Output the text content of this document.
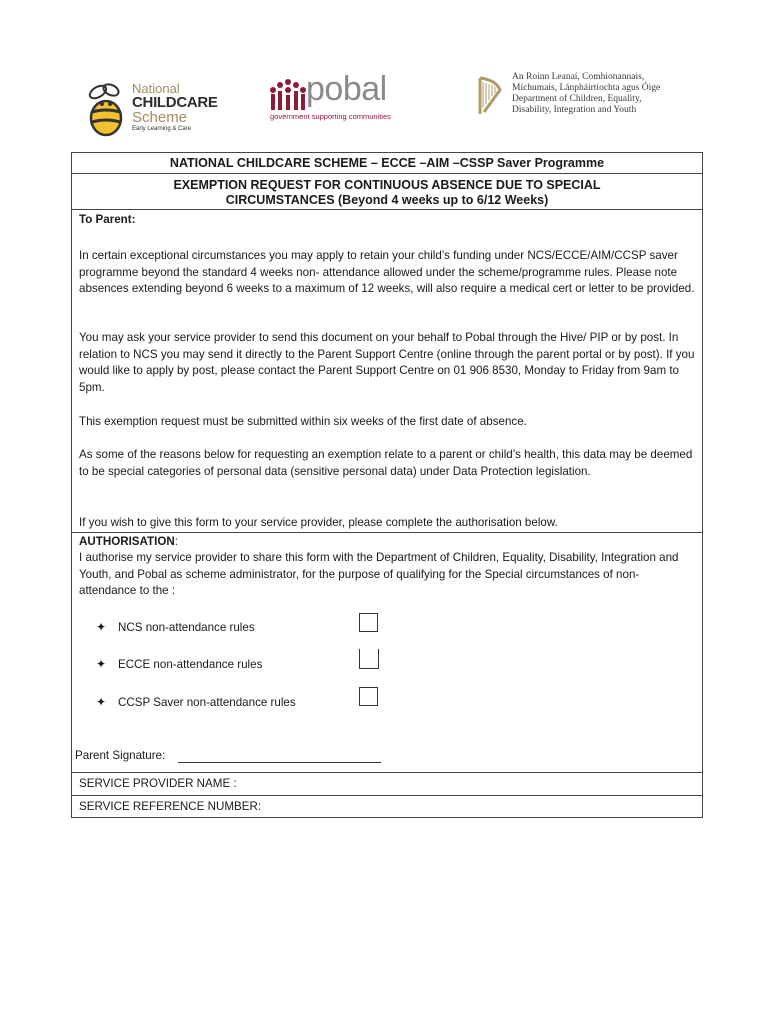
National
CHILDCARE
Scheme
Early Learning & Care
pobal
government supporting communities
An Roinn Leanaí, Comhionannais,
Míchumais, Lánpháirtíochta agus Óige
Department of Children, Equality,
Disability, Integration and Youth
NATIONAL CHILDCARE SCHEME – ECCE –AIM –CSSP Saver Programme
EXEMPTION REQUEST FOR CONTINUOUS ABSENCE DUE TO SPECIAL
CIRCUMSTANCES (Beyond 4 weeks up to 6/12 Weeks)

To Parent:

In certain exceptional circumstances you may apply to retain your child’s funding under NCS/ECCE/AIM/CCSP saver programme beyond the standard 4 weeks non- attendance allowed under the scheme/programme rules. Please note absences extending beyond 6 weeks to a maximum of 12 weeks, will also require a medical cert or letter to be provided.

You may ask your service provider to send this document on your behalf to Pobal through the Hive/ PIP or by post. In relation to NCS you may send it directly to the Parent Support Centre (online through the parent portal or by post). If you would like to apply by post, please contact the Parent Support Centre on 01 906 8530, Monday to Friday from 9am to 5pm.

This exemption request must be submitted within six weeks of the first date of absence.

As some of the reasons below for requesting an exemption relate to a parent or child’s health, this data may be deemed to be special categories of personal data (sensitive personal data) under Data Protection legislation.

If you wish to give this form to your service provider, please complete the authorisation below.

AUTHORISATION:

I authorise my service provider to share this form with the Department of Children, Equality, Disability, Integration and Youth, and Pobal as scheme administrator, for the purpose of qualifying for the Special circumstances of non-attendance to the :

✦ NCS non-attendance rules
✦ ECCE non-attendance rules
✦ CCSP Saver non-attendance rules
Parent Signature:
SERVICE PROVIDER NAME :
SERVICE REFERENCE NUMBER:
